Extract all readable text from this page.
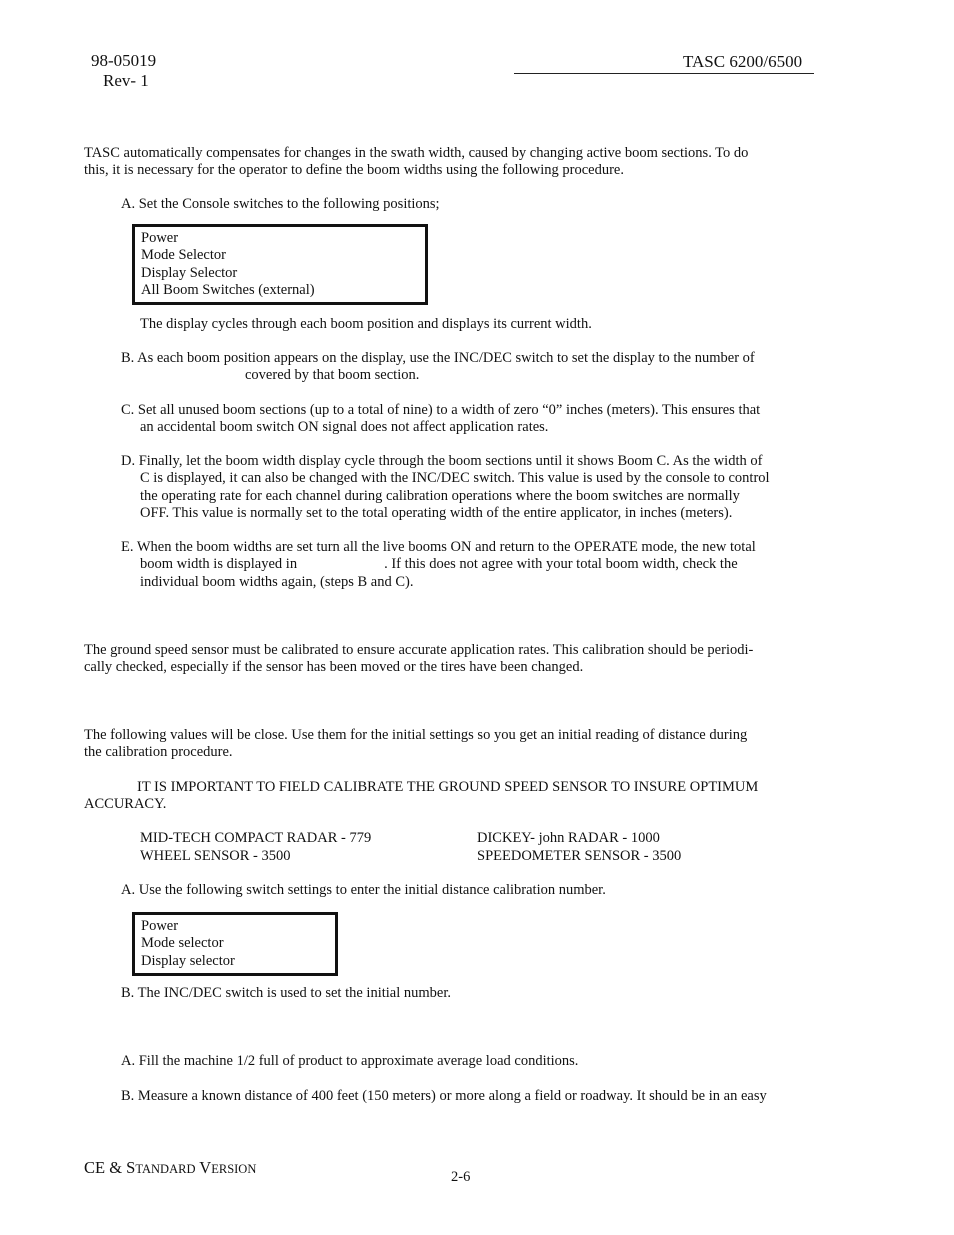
98-05019
Rev- 1
TASC 6200/6500
TASC automatically compensates for changes in the swath width, caused by changing active boom sections. To do
this, it is necessary for the operator to define the boom widths using the following procedure.
A. Set the Console switches to the following positions;
Power
Mode Selector
Display Selector
All Boom Switches (external)
The display cycles through each boom position and displays its current width.
B. As each boom position appears on the display, use the INC/DEC switch to set the display to the number of
covered by that boom section.
C. Set all unused boom sections (up to a total of nine) to a width of zero “0” inches (meters). This ensures that
an accidental boom switch ON signal does not affect application rates.
D. Finally, let the boom width display cycle through the boom sections until it shows Boom C. As the width of
C is displayed, it can also be changed with the INC/DEC switch. This value is used by the console to control
the operating rate for each channel during calibration operations where the boom switches are normally
OFF. This value is normally set to the total operating width of the entire applicator, in inches (meters).
E. When the boom widths are set turn all the live booms ON and return to the OPERATE mode, the new total
boom width is displayed in	. If this does not agree with your total boom width, check the
individual boom widths again, (steps B and C).
The ground speed sensor must be calibrated to ensure accurate application rates. This calibration should be periodi-
cally checked, especially if the sensor has been moved or the tires have been changed.
The following values will be close. Use them for the initial settings so you get an initial reading of distance during
the calibration procedure.
IT IS IMPORTANT TO FIELD CALIBRATE THE GROUND SPEED SENSOR TO INSURE OPTIMUM
ACCURACY.
MID-TECH COMPACT RADAR - 779	DICKEY- john RADAR - 1000
WHEEL SENSOR - 3500	SPEEDOMETER SENSOR - 3500
A. Use the following switch settings to enter the initial distance calibration number.
Power
Mode selector
Display selector
B. The INC/DEC switch is used to set the initial number.
A. Fill the machine 1/2 full of product to approximate average load conditions.
B. Measure a known distance of 400 feet (150 meters) or more along a field or roadway. It should be in an easy
CE & STANDARD VERSION	2-6
